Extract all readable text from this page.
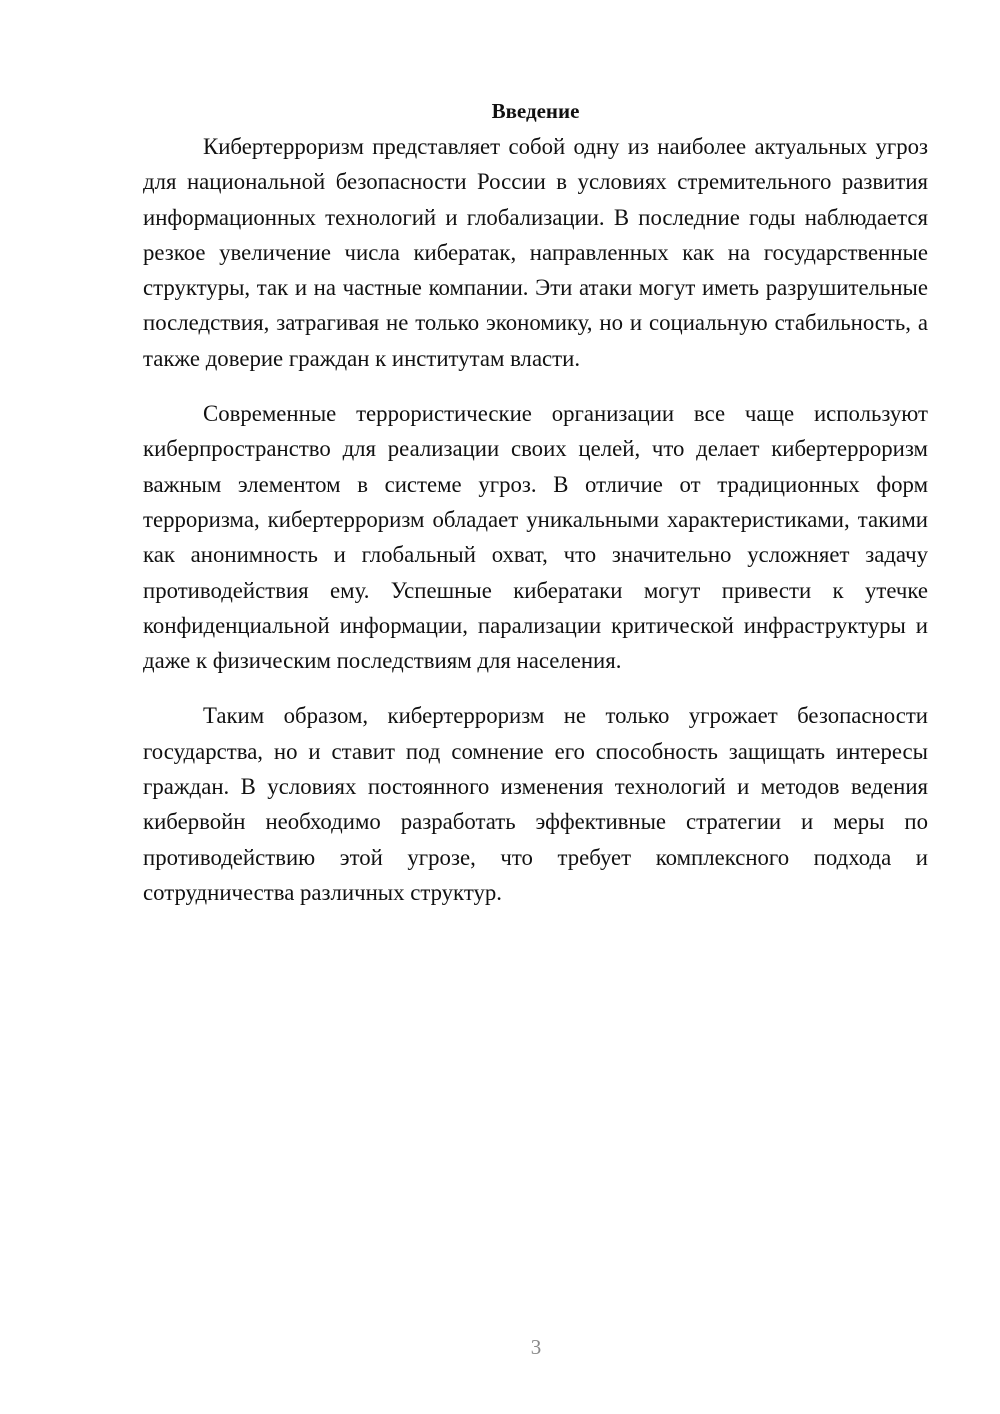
Введение

Кибертерроризм представляет собой одну из наиболее актуальных угроз для национальной безопасности России в условиях стремительного развития информационных технологий и глобализации. В последние годы наблюдается резкое увеличение числа кибератак, направленных как на государственные структуры, так и на частные компании. Эти атаки могут иметь разрушительные последствия, затрагивая не только экономику, но и социальную стабильность, а также доверие граждан к институтам власти.

Современные террористические организации все чаще используют киберпространство для реализации своих целей, что делает кибертерроризм важным элементом в системе угроз. В отличие от традиционных форм терроризма, кибертерроризм обладает уникальными характеристиками, такими как анонимность и глобальный охват, что значительно усложняет задачу противодействия ему. Успешные кибератаки могут привести к утечке конфиденциальной информации, парализации критической инфраструктуры и даже к физическим последствиям для населения.

Таким образом, кибертерроризм не только угрожает безопасности государства, но и ставит под сомнение его способность защищать интересы граждан. В условиях постоянного изменения технологий и методов ведения кибервойн необходимо разработать эффективные стратегии и меры по противодействию этой угрозе, что требует комплексного подхода и сотрудничества различных структур.

3
